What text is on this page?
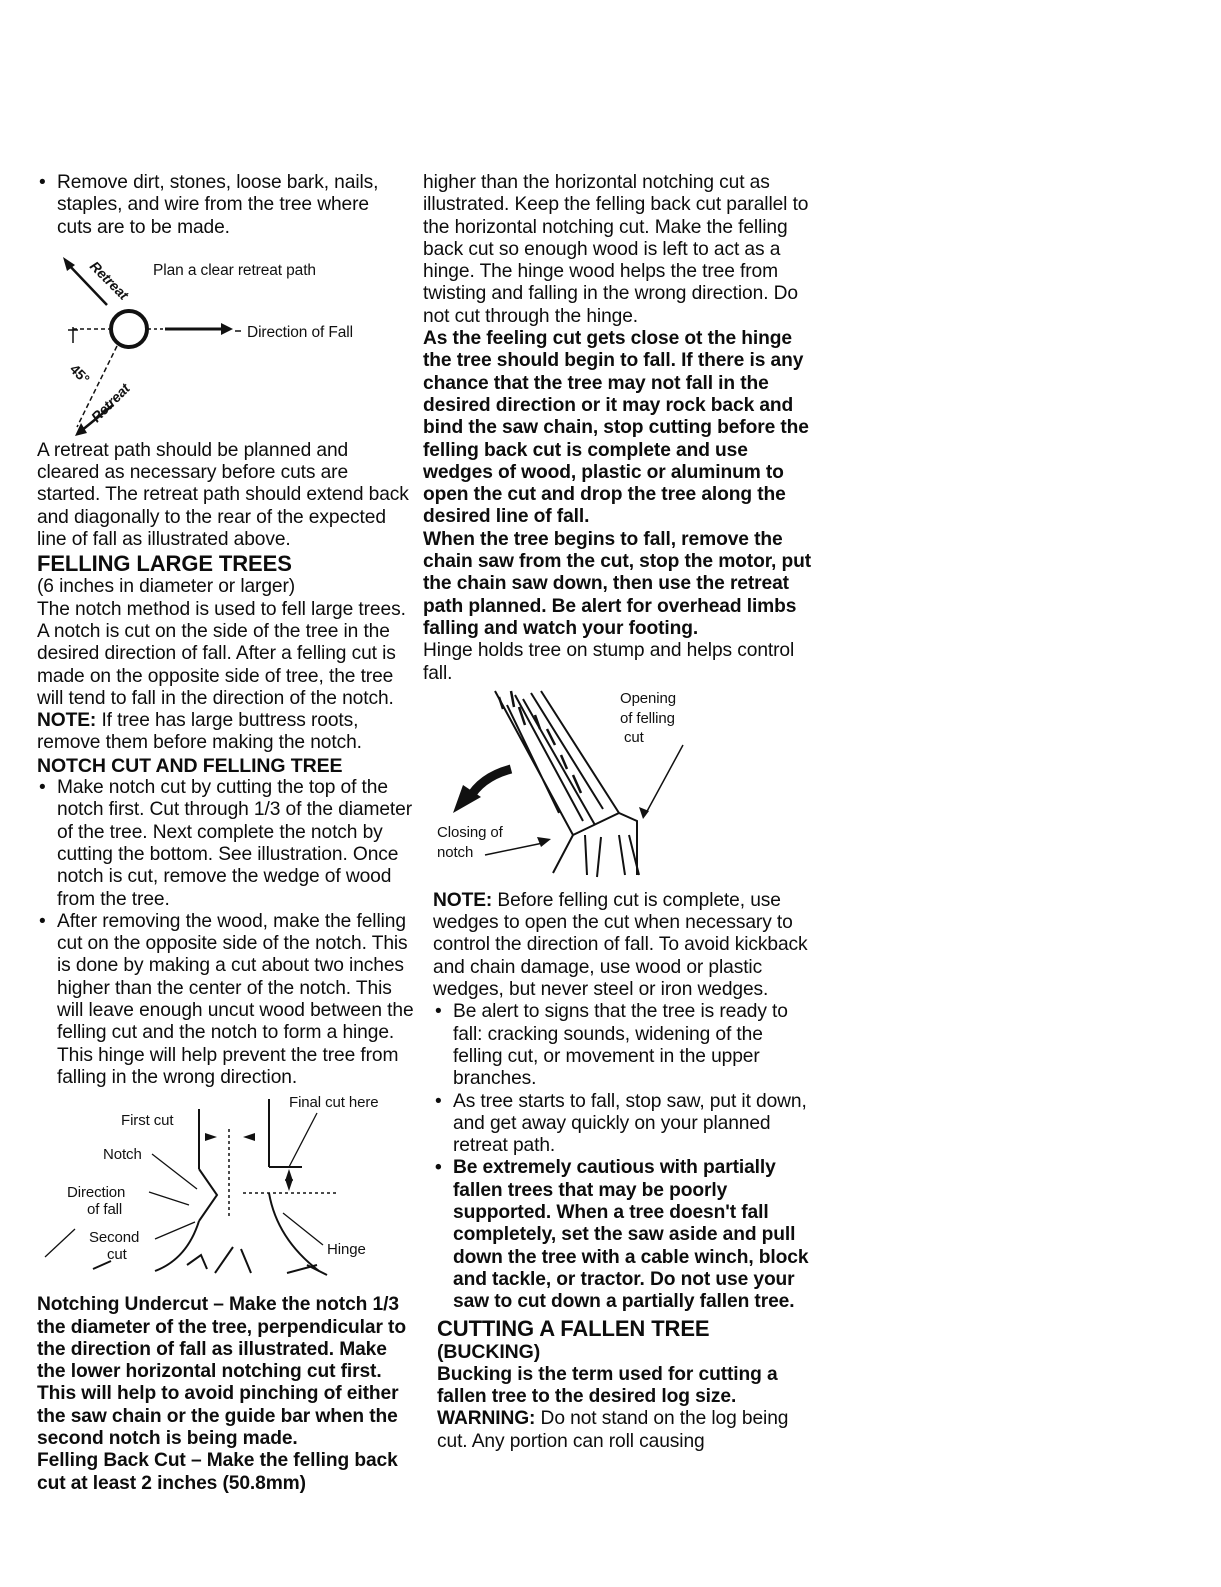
• Remove dirt, stones, loose bark, nails, staples, and wire from the tree where cuts are to be made.

Retreat Plan a clear retreat path
Direction of Fall
45°
Retreat

A retreat path should be planned and cleared as necessary before cuts are started. The retreat path should extend back and diagonally to the rear of the expected line of fall as illustrated above.

FELLING LARGE TREES

(6 inches in diameter or larger)

The notch method is used to fell large trees. A notch is cut on the side of the tree in the desired direction of fall. After a felling cut is made on the opposite side of tree, the tree will tend to fall in the direction of the notch.

NOTE: If tree has large buttress roots, remove them before making the notch.

NOTCH CUT AND FELLING TREE

• Make notch cut by cutting the top of the notch first. Cut through 1/3 of the diameter of the tree. Next complete the notch by cutting the bottom. See illustration. Once notch is cut, remove the wedge of wood from the tree.

• After removing the wood, make the felling cut on the opposite side of the notch. This is done by making a cut about two inches higher than the center of the notch. This will leave enough uncut wood between the felling cut and the notch to form a hinge. This hinge will help prevent the tree from falling in the wrong direction.

Final cut here
First cut
Notch
Direction
of fall
Second
cut	Hinge

Notching Undercut – Make the notch 1/3 the diameter of the tree, perpendicular to the direction of fall as illustrated. Make the lower horizontal notching cut first. This will help to avoid pinching of either the saw chain or the guide bar when the second notch is being made.

Felling Back Cut – Make the felling back cut at least 2 inches (50.8mm)

higher than the horizontal notching cut as illustrated. Keep the felling back cut parallel to the horizontal notching cut. Make the felling back cut so enough wood is left to act as a hinge. The hinge wood helps the tree from twisting and falling in the wrong direction. Do not cut through the hinge.

As the feeling cut gets close ot the hinge the tree should begin to fall. If there is any chance that the tree may not fall in the desired direction or it may rock back and bind the saw chain, stop cutting before the felling back cut is complete and use wedges of wood, plastic or aluminum to open the cut and drop the tree along the desired line of fall.

When the tree begins to fall, remove the chain saw from the cut, stop the motor, put the chain saw down, then use the retreat path planned. Be alert for overhead limbs falling and watch your footing.

Hinge holds tree on stump and helps control fall.

Opening
of felling
cut
Closing of
notch

NOTE: Before felling cut is complete, use wedges to open the cut when necessary to control the direction of fall. To avoid kickback and chain damage, use wood or plastic wedges, but never steel or iron wedges.

• Be alert to signs that the tree is ready to fall: cracking sounds, widening of the felling cut, or movement in the upper branches.

• As tree starts to fall, stop saw, put it down, and get away quickly on your planned retreat path.

• Be extremely cautious with partially fallen trees that may be poorly supported. When a tree doesn't fall completely, set the saw aside and pull down the tree with a cable winch, block and tackle, or tractor. Do not use your saw to cut down a partially fallen tree.

CUTTING A FALLEN TREE

(BUCKING)

Bucking is the term used for cutting a fallen tree to the desired log size.

WARNING: Do not stand on the log being cut. Any portion can roll causing
